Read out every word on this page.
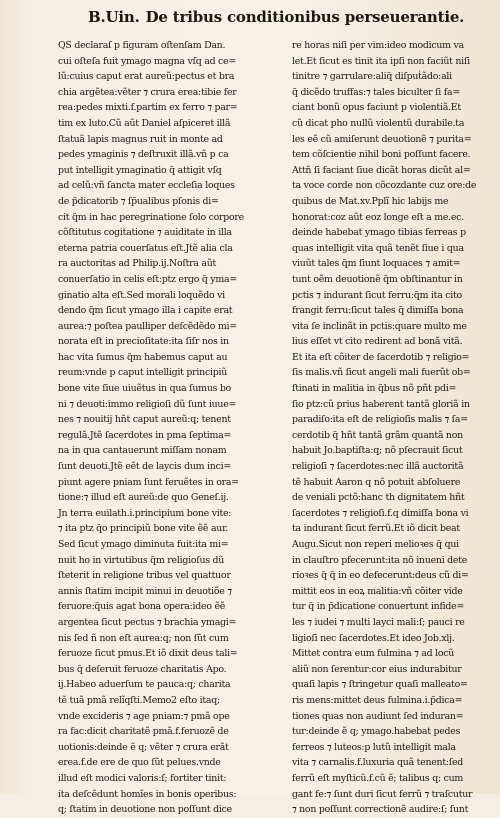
B.Uin. De tribus conditionibus perseuerantie.
QS declaraſ p figuram oſtenſam Dan.
cui oſteſa fuit ymago magna vſq ad ce=
lũ:cuius caput erat aureũ:pectus et bra
chia argẽtea:vẽter ⁊ crura erea:tibie fer
rea:pedes mixti.f.partim ex ferro ⁊ par=
tim ex luto.Cũ aũt Daniel aſpiceret illã
ſtatuã lapis magnus ruit in monte ad
pedes ymaginis ⁊ deſtruxit illã.vñ p ca
put intelligit ymaginatio q̃ attigit vſq
ad celũ:vñ ſancta mater eccleſia loques
de p̃dicatorib ⁊ ſp̃ualibus pſonis di=
cit q̃m in hac peregrinatione ſolo corpore
cõſtitutus cogitatione ⁊ auiditate in illa
eterna patria couerſatus eſt.Jtẽ alia cla
ra auctoritas ad Philip.ij.Noſtra aũt
conuerſatio in celis eſt:ptz ergo q̃ yma=
ginatio alta eſt.Sed morali loquẽdo vi
dendo q̃m ſicut ymago illa i capite erat
aurea:⁊ poſtea paulliper deſcẽdẽdo mi=
norata eſt in precioſitate:ita ſiſr nos in
hac vita ſumus q̃m habemus caput au
reum:vnde p caput intelligit principiũ
bone vite ſiue uiuẽtus in qua ſumus bo
ni ⁊ deuoti:immo religioſi dũ ſunt iuue=
nes ⁊ nouitij hñt caput aureũ:q; tenent
regulã.Jtẽ ſacerdotes in pma ſeptima=
na in qua cantauerunt miſſam nonam
ſunt deuoti.Jtẽ eẽt de laycis dum inci=
piunt agere pniam ſunt feruẽtes in ora=
tione:⁊ illud eſt aureũ:de quo Geneſ.ij.
Jn terra euilath.i.principium bone vite:
⁊ ita ptz q̃o principiũ bone vite ẽẽ aur.
Sed ſicut ymago diminuta fuit:ita mi=
nuit ho in virtutibus q̃m religioſus dũ
ſteterit in religione tribus vel quattuor
annis ſtatim incipit minui in deuotiõe ⁊
feruore:q̃uis agat bona opera:ideo ẽẽ
argentea ſicut pectus ⁊ brachia ymagi=
nis ſed ñ non eſt aurea:q; non ſũt cum
feruoze ſicut pmus.Et iõ dixit deus tali=
bus q̃ deſeruit feruoze charitatis Apo.
ij.Habeo aduerſum te pauca:q; charita
tẽ tuã pmã relĩqſti.Memo2 eſto itaq;
vnde excideris ⁊ age pniam:⁊ pmã ope
ra fac:dicit charitatẽ pmã.f.feruozẽ de
uotionis:deinde ẽ q; vẽter ⁊ crura erãt
erea.f.de ere de quo ſũt pelues.vnde
illud eſt modici valoris:ſ; fortiter tinit:
ita deſcẽdunt homĩes in bonis operibus:
q; ſtatim in deuotione non poſſunt dice
re horas niſi per vim:ideo modicum va
let.Et ſicut es tinit ita ipſi non faciũt niſi
tinitre ⁊ garrulare:aliq̃ diſpuṫãdo:ali
q̃ dicẽdo truffas:⁊ tales biculter ſi fa=
ciant bonũ opus faciunt p violentiã.Et
cũ dicat pho nullũ violentũ durabile.ta
les eẽ cũ amiſerunt deuotionẽ ⁊ purita=
tem cõſcientie nihil boni poſſunt facere.
Attñ ſi faciant ſiue dicãt horas dicũt al=
ta voce corde non cõcozdante cuz ore:de
quibus de Mat.xv.Pplĩ hic labijs me
honorat:coz aũt eoz longe eſt a me.ec.
deinde habebat ymago tibias ferreas p
quas intelligit vita quã tenẽt ſiue i qua
viuũt tales q̃m ſiunt loquaces ⁊ amit=
tunt oẽm deuotionẽ q̃m obſtinantur in
pctis ⁊ indurant ſicut ferru:q̃m ita cito
frangit ferru:ſicut tales q̃ dimiſſa bona
vita ſe inclinãt in pctis:quare multo me
lius eſſet vt cito redirent ad bonã vitã.
Et ita eſt cõiter de ſacerdotib ⁊ religio=
ſis malis.vñ ſicut angeli mali fuerũt ob=
ſtinati in malitia in q̃bus nõ pñt pdi=
ſio ptz:cũ prius haberent tantã gloriã in
paradiſo:ita eſt de religioſis malis ⁊ ſa=
cerdotib q̃ hñt tantã grãm quantã non
habuit Jo.baptiſta:q; nõ pſecrauit ſicut
religioſi ⁊ ſacerdotes:nec illã auctoritã
tẽ habuit Aaron q nõ potuit abſoluere
de veniali pctõ:hanc th dignitatem hñt
ſacerdotes ⁊ religioſi.f.q dimiſſa bona vi
ta indurant ſicut ferrũ.Et iõ dicit beat
Augu.Sicut non reperi melioꝛes q̃ qui
in clauſtro pfecerunt:ita nõ inueni dete
rioꝛes q̃ q̃ in eo defecerunt:deus cũ di=
mittit eos in eoꝝ malitia:vñ cõiter vide
tur q̃ in p̃dicatione conuertunt infide=
les ⁊ iudei ⁊ multi layci mali:ſ; pauci re
ligioſi nec ſacerdotes.Et ideo Job.xlj.
Mittet contra eum fulmina ⁊ ad locũ
aliũ non ſerentur:cor eius indurabitur
quaſi lapis ⁊ ſtringetur quaſi malleato=
ris mens:mittet deus fulmina.i.p̃dica=
tiones quas non audiunt ſed induran=
tur:deinde ẽ q; ymago.habebat pedes
ferreos ⁊ luteos:p lutũ intelligit mala
vita ⁊ carnalis.f.luxuria quã tenent:ſed
ferrũ eſt myſticũ.f.cũ ẽ; talibus q; cum
gant fe:⁊ ſunt duri ſicut ferrũ ⁊ traſcutur
⁊ non poſſunt correctionẽ audire:ſ; ſunt
